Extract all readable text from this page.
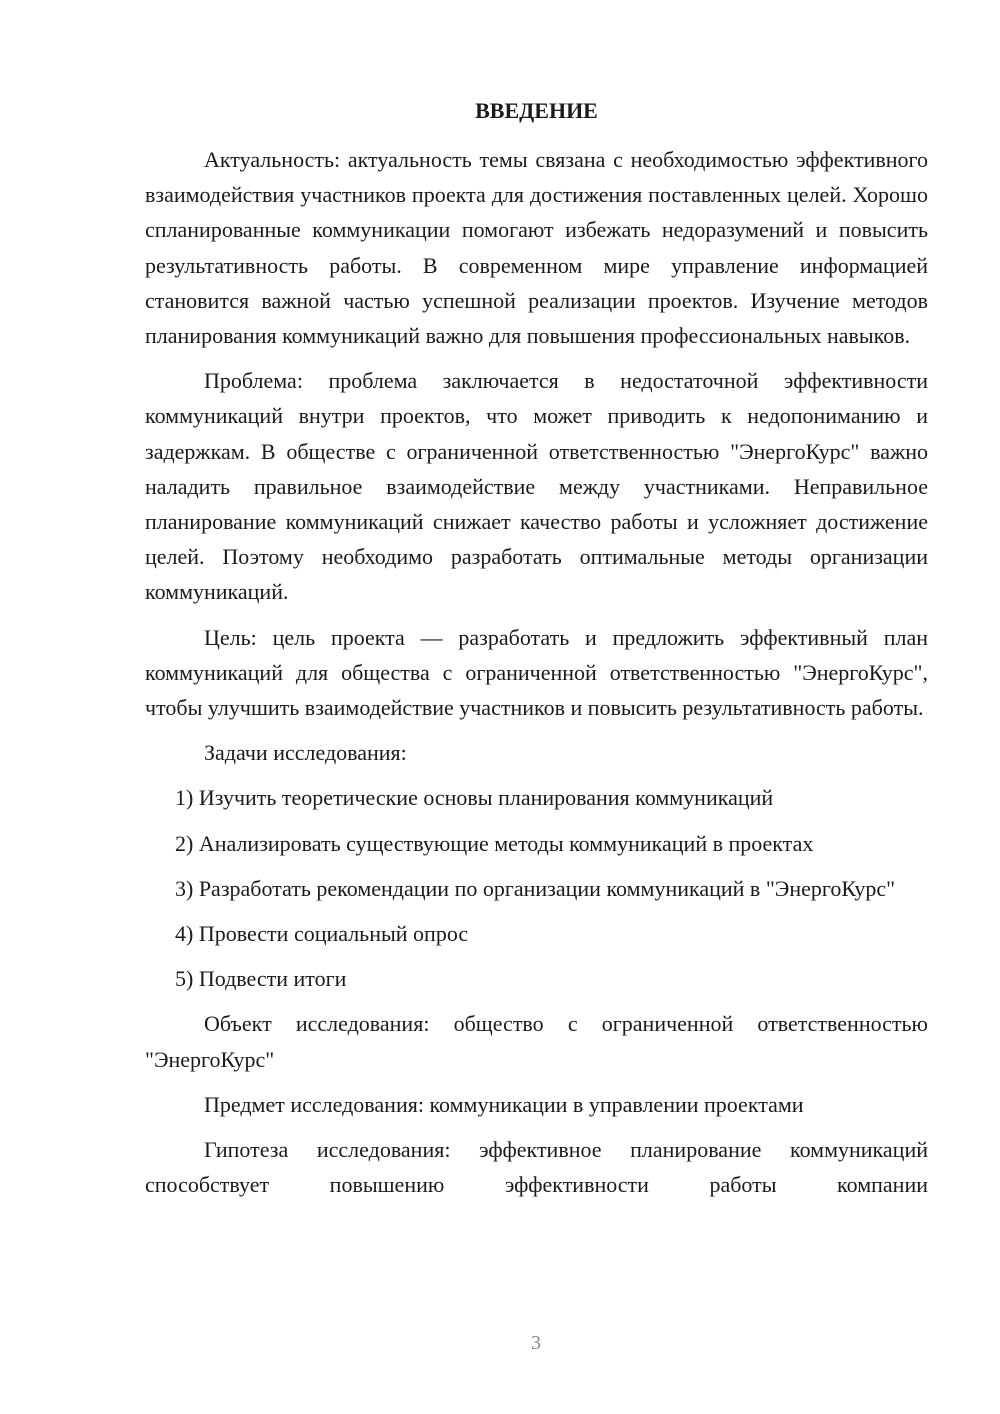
ВВЕДЕНИЕ

Актуальность: актуальность темы связана с необходимостью эффективного взаимодействия участников проекта для достижения поставленных целей. Хорошо спланированные коммуникации помогают избежать недоразумений и повысить результативность работы. В современном мире управление информацией становится важной частью успешной реализации проектов. Изучение методов планирования коммуникаций важно для повышения профессиональных навыков.

Проблема: проблема заключается в недостаточной эффективности коммуникаций внутри проектов, что может приводить к недопониманию и задержкам. В обществе с ограниченной ответственностью "ЭнергоКурс" важно наладить правильное взаимодействие между участниками. Неправильное планирование коммуникаций снижает качество работы и усложняет достижение целей. Поэтому необходимо разработать оптимальные методы организации коммуникаций.

Цель: цель проекта — разработать и предложить эффективный план коммуникаций для общества с ограниченной ответственностью "ЭнергоКурс", чтобы улучшить взаимодействие участников и повысить результативность работы.

Задачи исследования:

1) Изучить теоретические основы планирования коммуникаций

2) Анализировать существующие методы коммуникаций в проектах

3) Разработать рекомендации по организации коммуникаций в "ЭнергоКурс"

4) Провести социальный опрос

5) Подвести итоги

Объект исследования: общество с ограниченной ответственностью "ЭнергоКурс"

Предмет исследования: коммуникации в управлении проектами

Гипотеза исследования: эффективное планирование коммуникаций способствует повышению эффективности работы компании

3
